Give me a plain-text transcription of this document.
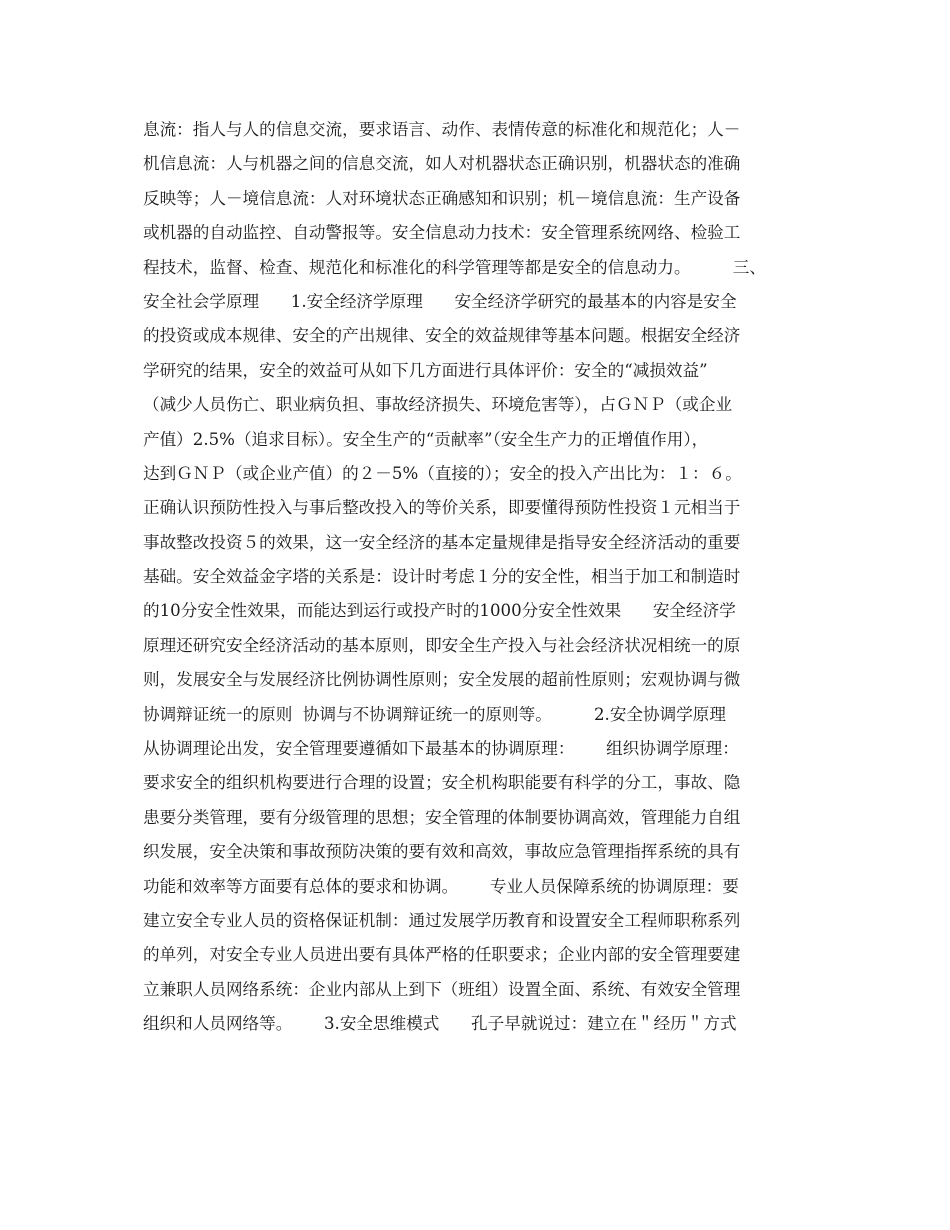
息流：指人与人的信息交流，要求语言、动作、表情传意的标准化和规范化；人－
机信息流：人与机器之间的信息交流，如人对机器状态正确识别，机器状态的准确
反映等；人－境信息流：人对环境状态正确感知和识别；机－境信息流：生产设备
或机器的自动监控、自动警报等。安全信息动力技术：安全管理系统网络、检验工
程技术，监督、检查、规范化和标准化的科学管理等都是安全的信息动力。        三、
安全社会学原理      1.安全经济学原理      安全经济学研究的最基本的内容是安全
的投资或成本规律、安全的产出规律、安全的效益规律等基本问题。根据安全经济
学研究的结果，安全的效益可从如下几方面进行具体评价：安全的“减损效益”
（减少人员伤亡、职业病负担、事故经济损失、环境危害等），占ＧＮＰ（或企业
产值）2.5%（追求目标）。安全生产的“贡献率”（安全生产力的正增值作用），
达到ＧＮＰ（或企业产值）的２－5%（直接的）；安全的投入产出比为：１：６。
正确认识预防性投入与事后整改投入的等价关系，即要懂得预防性投资１元相当于
事故整改投资５的效果，这一安全经济的基本定量规律是指导安全经济活动的重要
基础。安全效益金字塔的关系是：设计时考虑１分的安全性，相当于加工和制造时
的10分安全性效果，而能达到运行或投产时的1000分安全性效果      安全经济学
原理还研究安全经济活动的基本原则，即安全生产投入与社会经济状况相统一的原
则，发展安全与发展经济比例协调性原则；安全发展的超前性原则；宏观协调与微
协调辩证统一的原则  协调与不协调辩证统一的原则等。        2.安全协调学原理
从协调理论出发，安全管理要遵循如下最基本的协调原理：      组织协调学原理：
要求安全的组织机构要进行合理的设置；安全机构职能要有科学的分工，事故、隐
患要分类管理，要有分级管理的思想；安全管理的体制要协调高效，管理能力自组
织发展，安全决策和事故预防决策的要有效和高效，事故应急管理指挥系统的具有
功能和效率等方面要有总体的要求和协调。      专业人员保障系统的协调原理：要
建立安全专业人员的资格保证机制：通过发展学历教育和设置安全工程师职称系列
的单列，对安全专业人员进出要有具体严格的任职要求；企业内部的安全管理要建
立兼职人员网络系统：企业内部从上到下（班组）设置全面、系统、有效安全管理
组织和人员网络等。      3.安全思维模式      孔子早就说过：建立在＂经历＂方式
